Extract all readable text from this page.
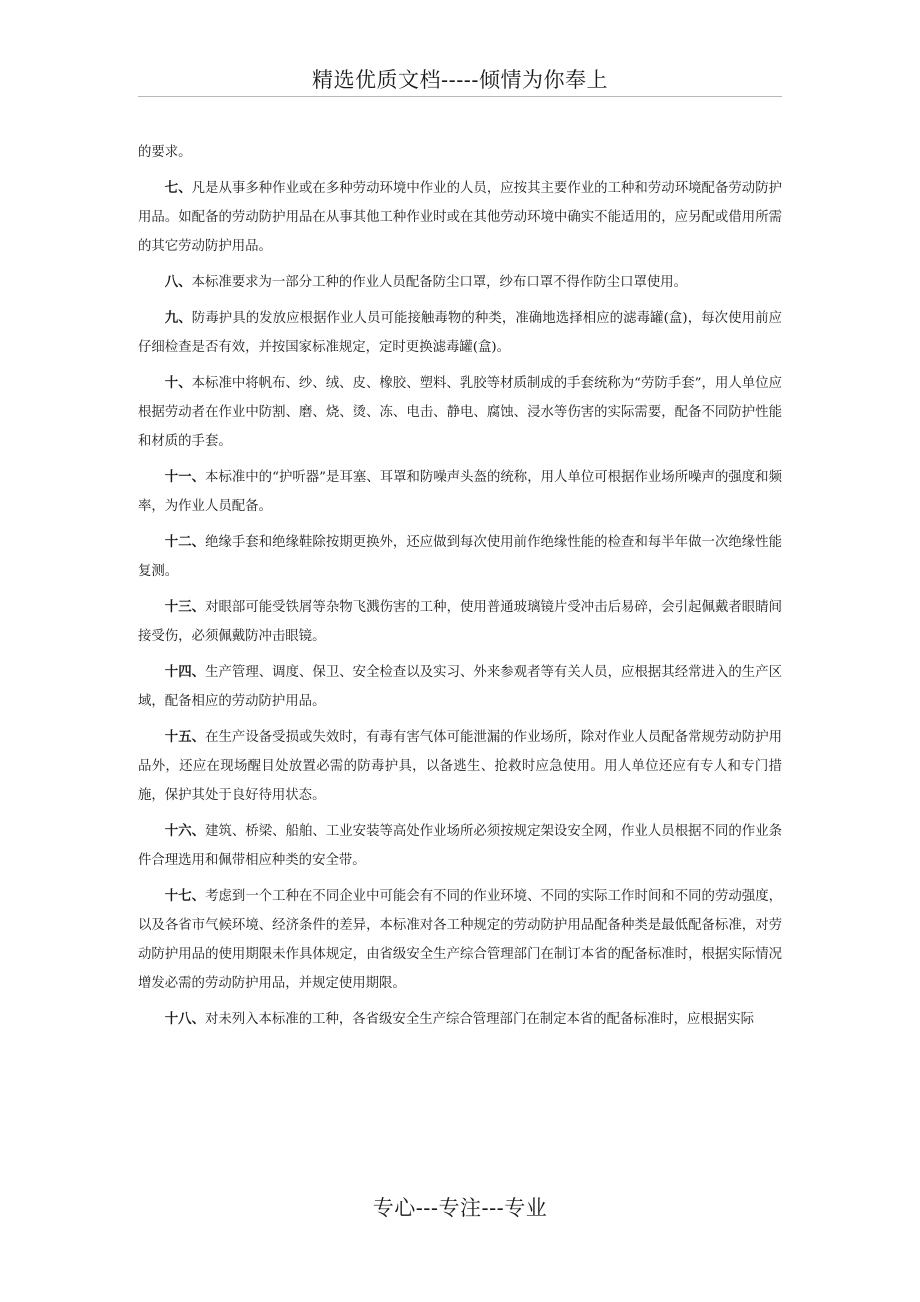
精选优质文档-----倾情为你奉上

的要求。

七、凡是从事多种作业或在多种劳动环境中作业的人员，应按其主要作业的工种和劳动环境配备劳动防护用品。如配备的劳动防护用品在从事其他工种作业时或在其他劳动环境中确实不能适用的，应另配或借用所需的其它劳动防护用品。

八、本标准要求为一部分工种的作业人员配备防尘口罩，纱布口罩不得作防尘口罩使用。

九、防毒护具的发放应根据作业人员可能接触毒物的种类，准确地选择相应的滤毒罐(盒)，每次使用前应仔细检查是否有效，并按国家标准规定，定时更换滤毒罐(盒)。

十、本标准中将帆布、纱、绒、皮、橡胶、塑料、乳胶等材质制成的手套统称为“劳防手套”，用人单位应根据劳动者在作业中防割、磨、烧、烫、冻、电击、静电、腐蚀、浸水等伤害的实际需要，配备不同防护性能和材质的手套。

十一、本标准中的“护听器”是耳塞、耳罩和防噪声头盔的统称，用人单位可根据作业场所噪声的强度和频率，为作业人员配备。

十二、绝缘手套和绝缘鞋除按期更换外，还应做到每次使用前作绝缘性能的检查和每半年做一次绝缘性能复测。

十三、对眼部可能受铁屑等杂物飞溅伤害的工种，使用普通玻璃镜片受冲击后易碎，会引起佩戴者眼睛间接受伤，必须佩戴防冲击眼镜。

十四、生产管理、调度、保卫、安全检查以及实习、外来参观者等有关人员，应根据其经常进入的生产区域，配备相应的劳动防护用品。

十五、在生产设备受损或失效时，有毒有害气体可能泄漏的作业场所，除对作业人员配备常规劳动防护用品外，还应在现场醒目处放置必需的防毒护具，以备逃生、抢救时应急使用。用人单位还应有专人和专门措施，保护其处于良好待用状态。

十六、建筑、桥梁、船舶、工业安装等高处作业场所必须按规定架设安全网，作业人员根据不同的作业条件合理选用和佩带相应种类的安全带。

十七、考虑到一个工种在不同企业中可能会有不同的作业环境、不同的实际工作时间和不同的劳动强度，以及各省市气候环境、经济条件的差异，本标准对各工种规定的劳动防护用品配备种类是最低配备标准，对劳动防护用品的使用期限未作具体规定，由省级安全生产综合管理部门在制订本省的配备标准时，根据实际情况增发必需的劳动防护用品，并规定使用期限。

十八、对未列入本标准的工种，各省级安全生产综合管理部门在制定本省的配备标准时，应根据实际

专心---专注---专业
